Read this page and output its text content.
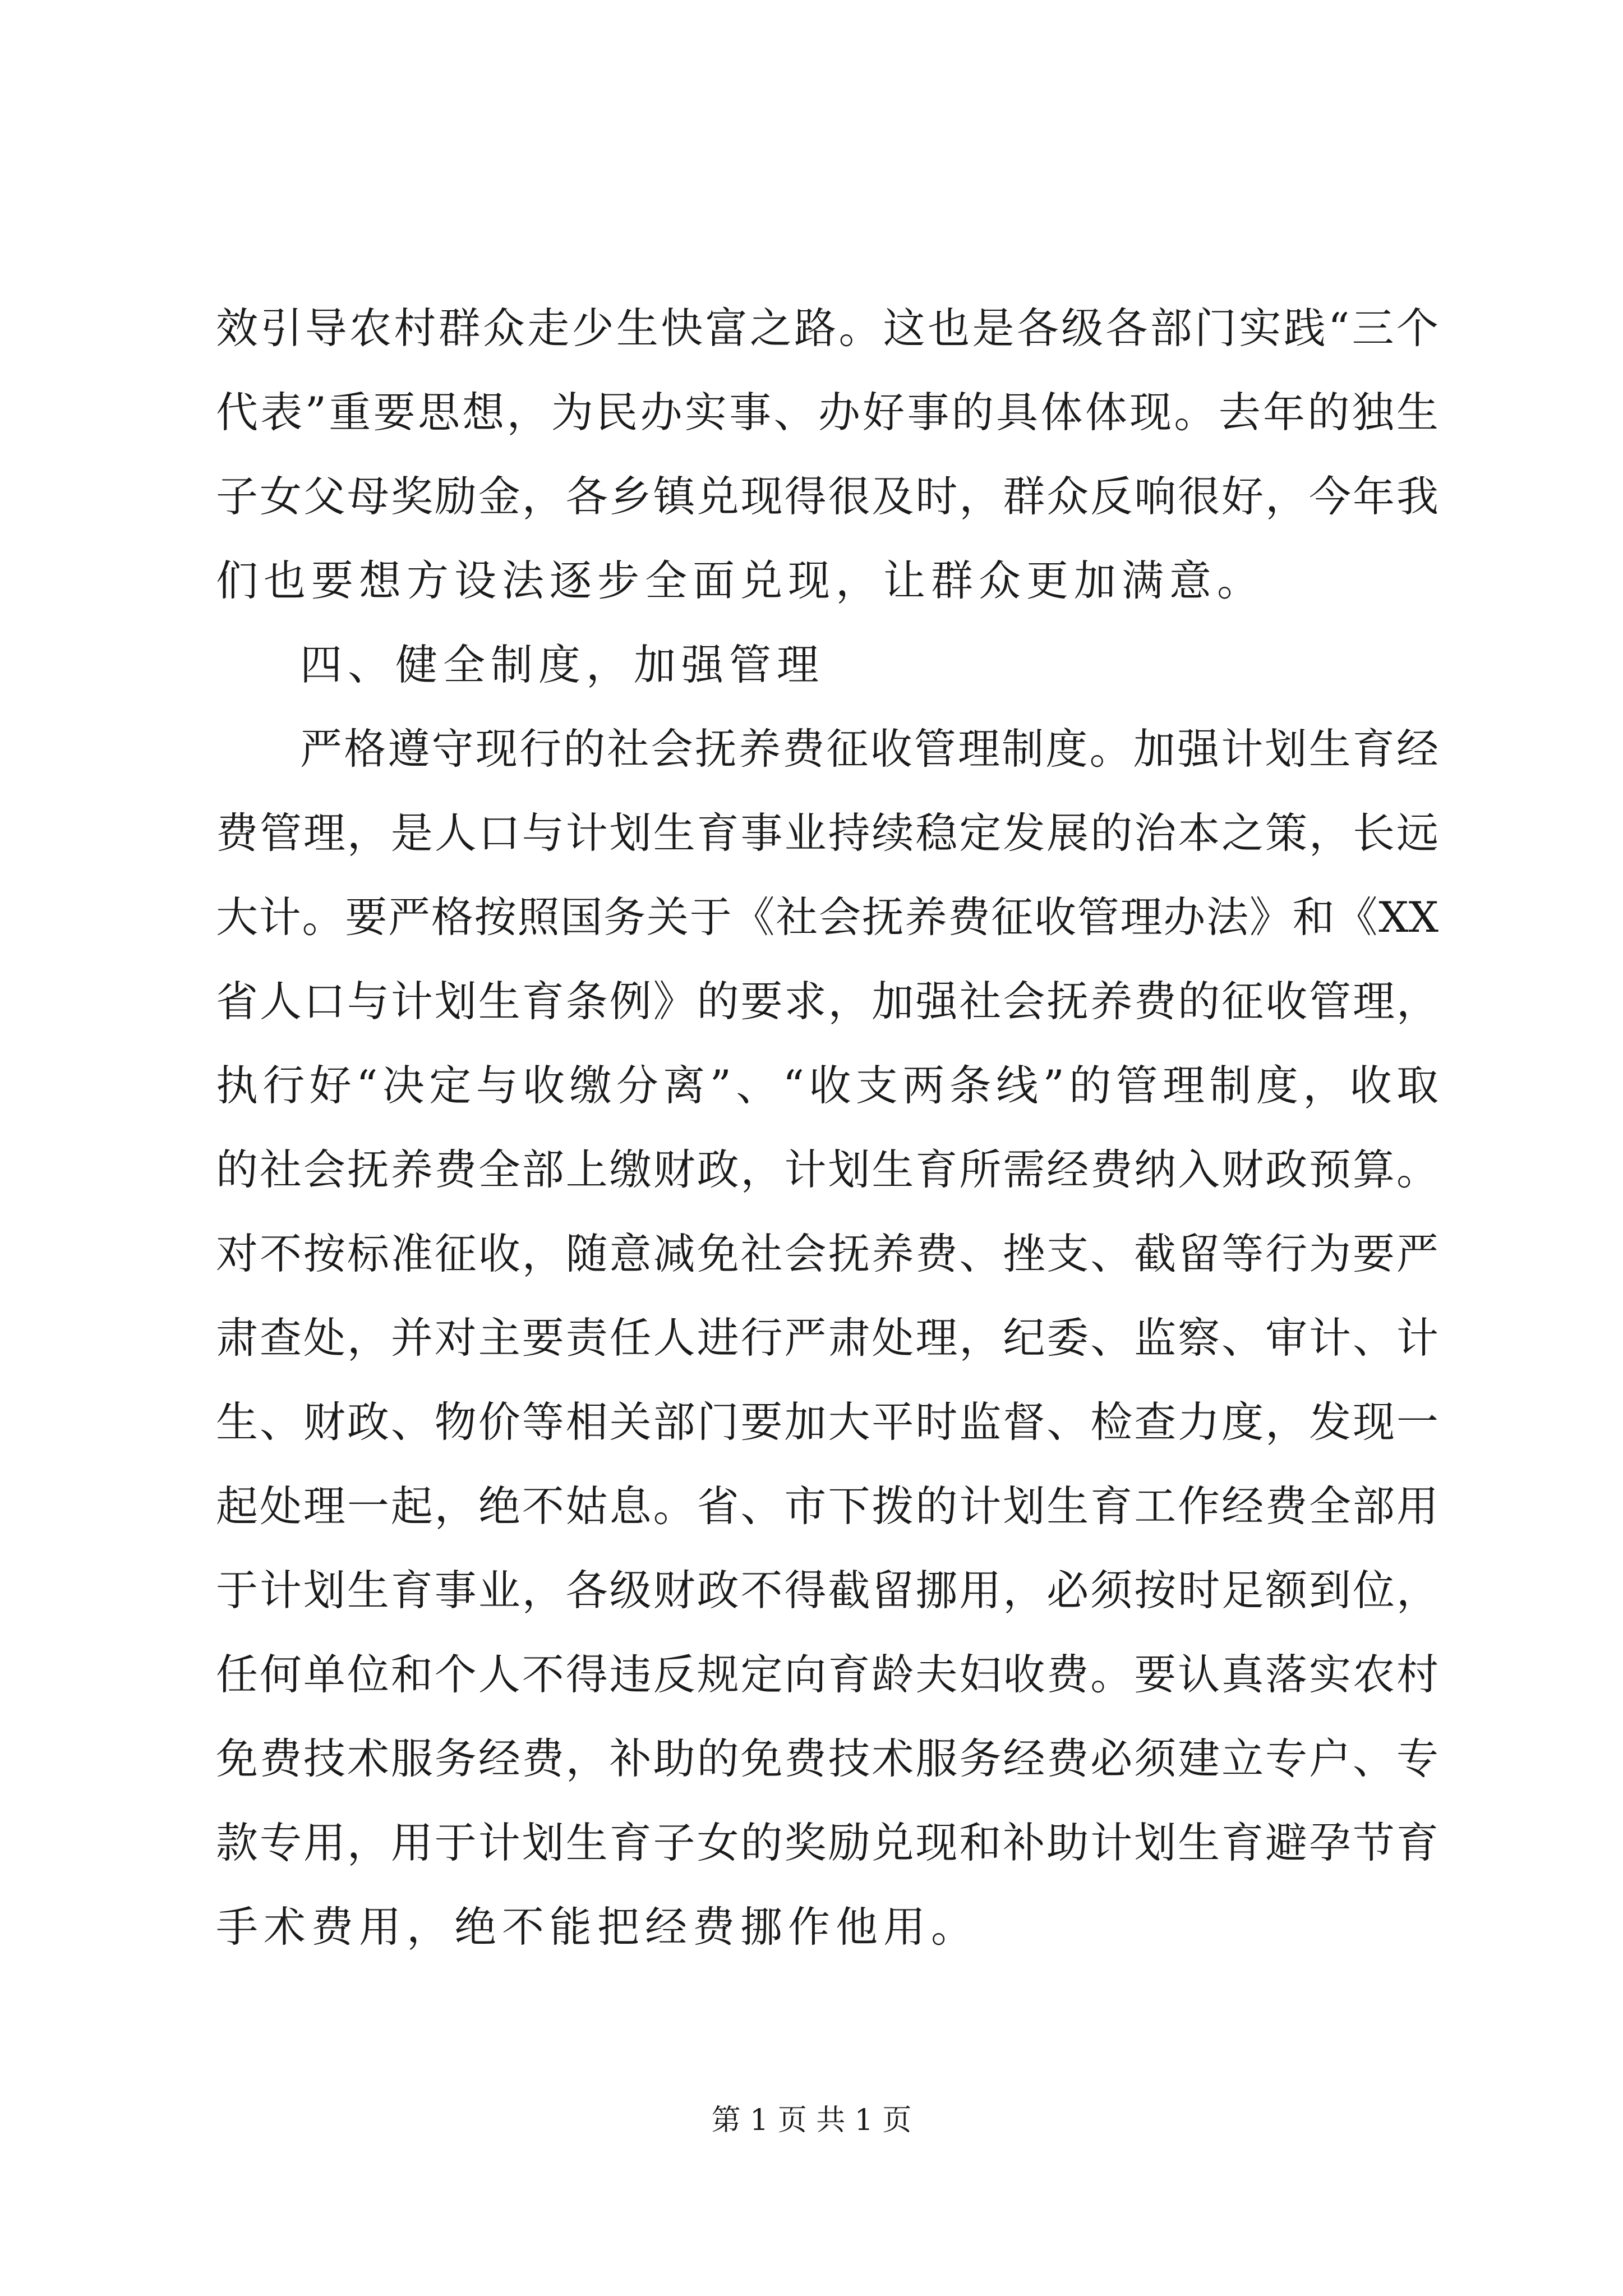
效引导农村群众走少生快富之路。这也是各级各部门实践“三个
代表”重要思想，为民办实事、办好事的具体体现。去年的独生
子女父母奖励金，各乡镇兑现得很及时，群众反响很好，今年我
们也要想方设法逐步全面兑现，让群众更加满意。
四、健全制度，加强管理
严格遵守现行的社会抚养费征收管理制度。加强计划生育经
费管理，是人口与计划生育事业持续稳定发展的治本之策，长远
大计。要严格按照国务关于《社会抚养费征收管理办法》和《XX
省人口与计划生育条例》的要求，加强社会抚养费的征收管理，
执行好“决定与收缴分离”、“收支两条线”的管理制度，收取
的社会抚养费全部上缴财政，计划生育所需经费纳入财政预算。
对不按标准征收，随意减免社会抚养费、挫支、截留等行为要严
肃查处，并对主要责任人进行严肃处理，纪委、监察、审计、计
生、财政、物价等相关部门要加大平时监督、检查力度，发现一
起处理一起，绝不姑息。省、市下拨的计划生育工作经费全部用
于计划生育事业，各级财政不得截留挪用，必须按时足额到位，
任何单位和个人不得违反规定向育龄夫妇收费。要认真落实农村
免费技术服务经费，补助的免费技术服务经费必须建立专户、专
款专用，用于计划生育子女的奖励兑现和补助计划生育避孕节育
手术费用，绝不能把经费挪作他用。
第 1 页 共 1 页
